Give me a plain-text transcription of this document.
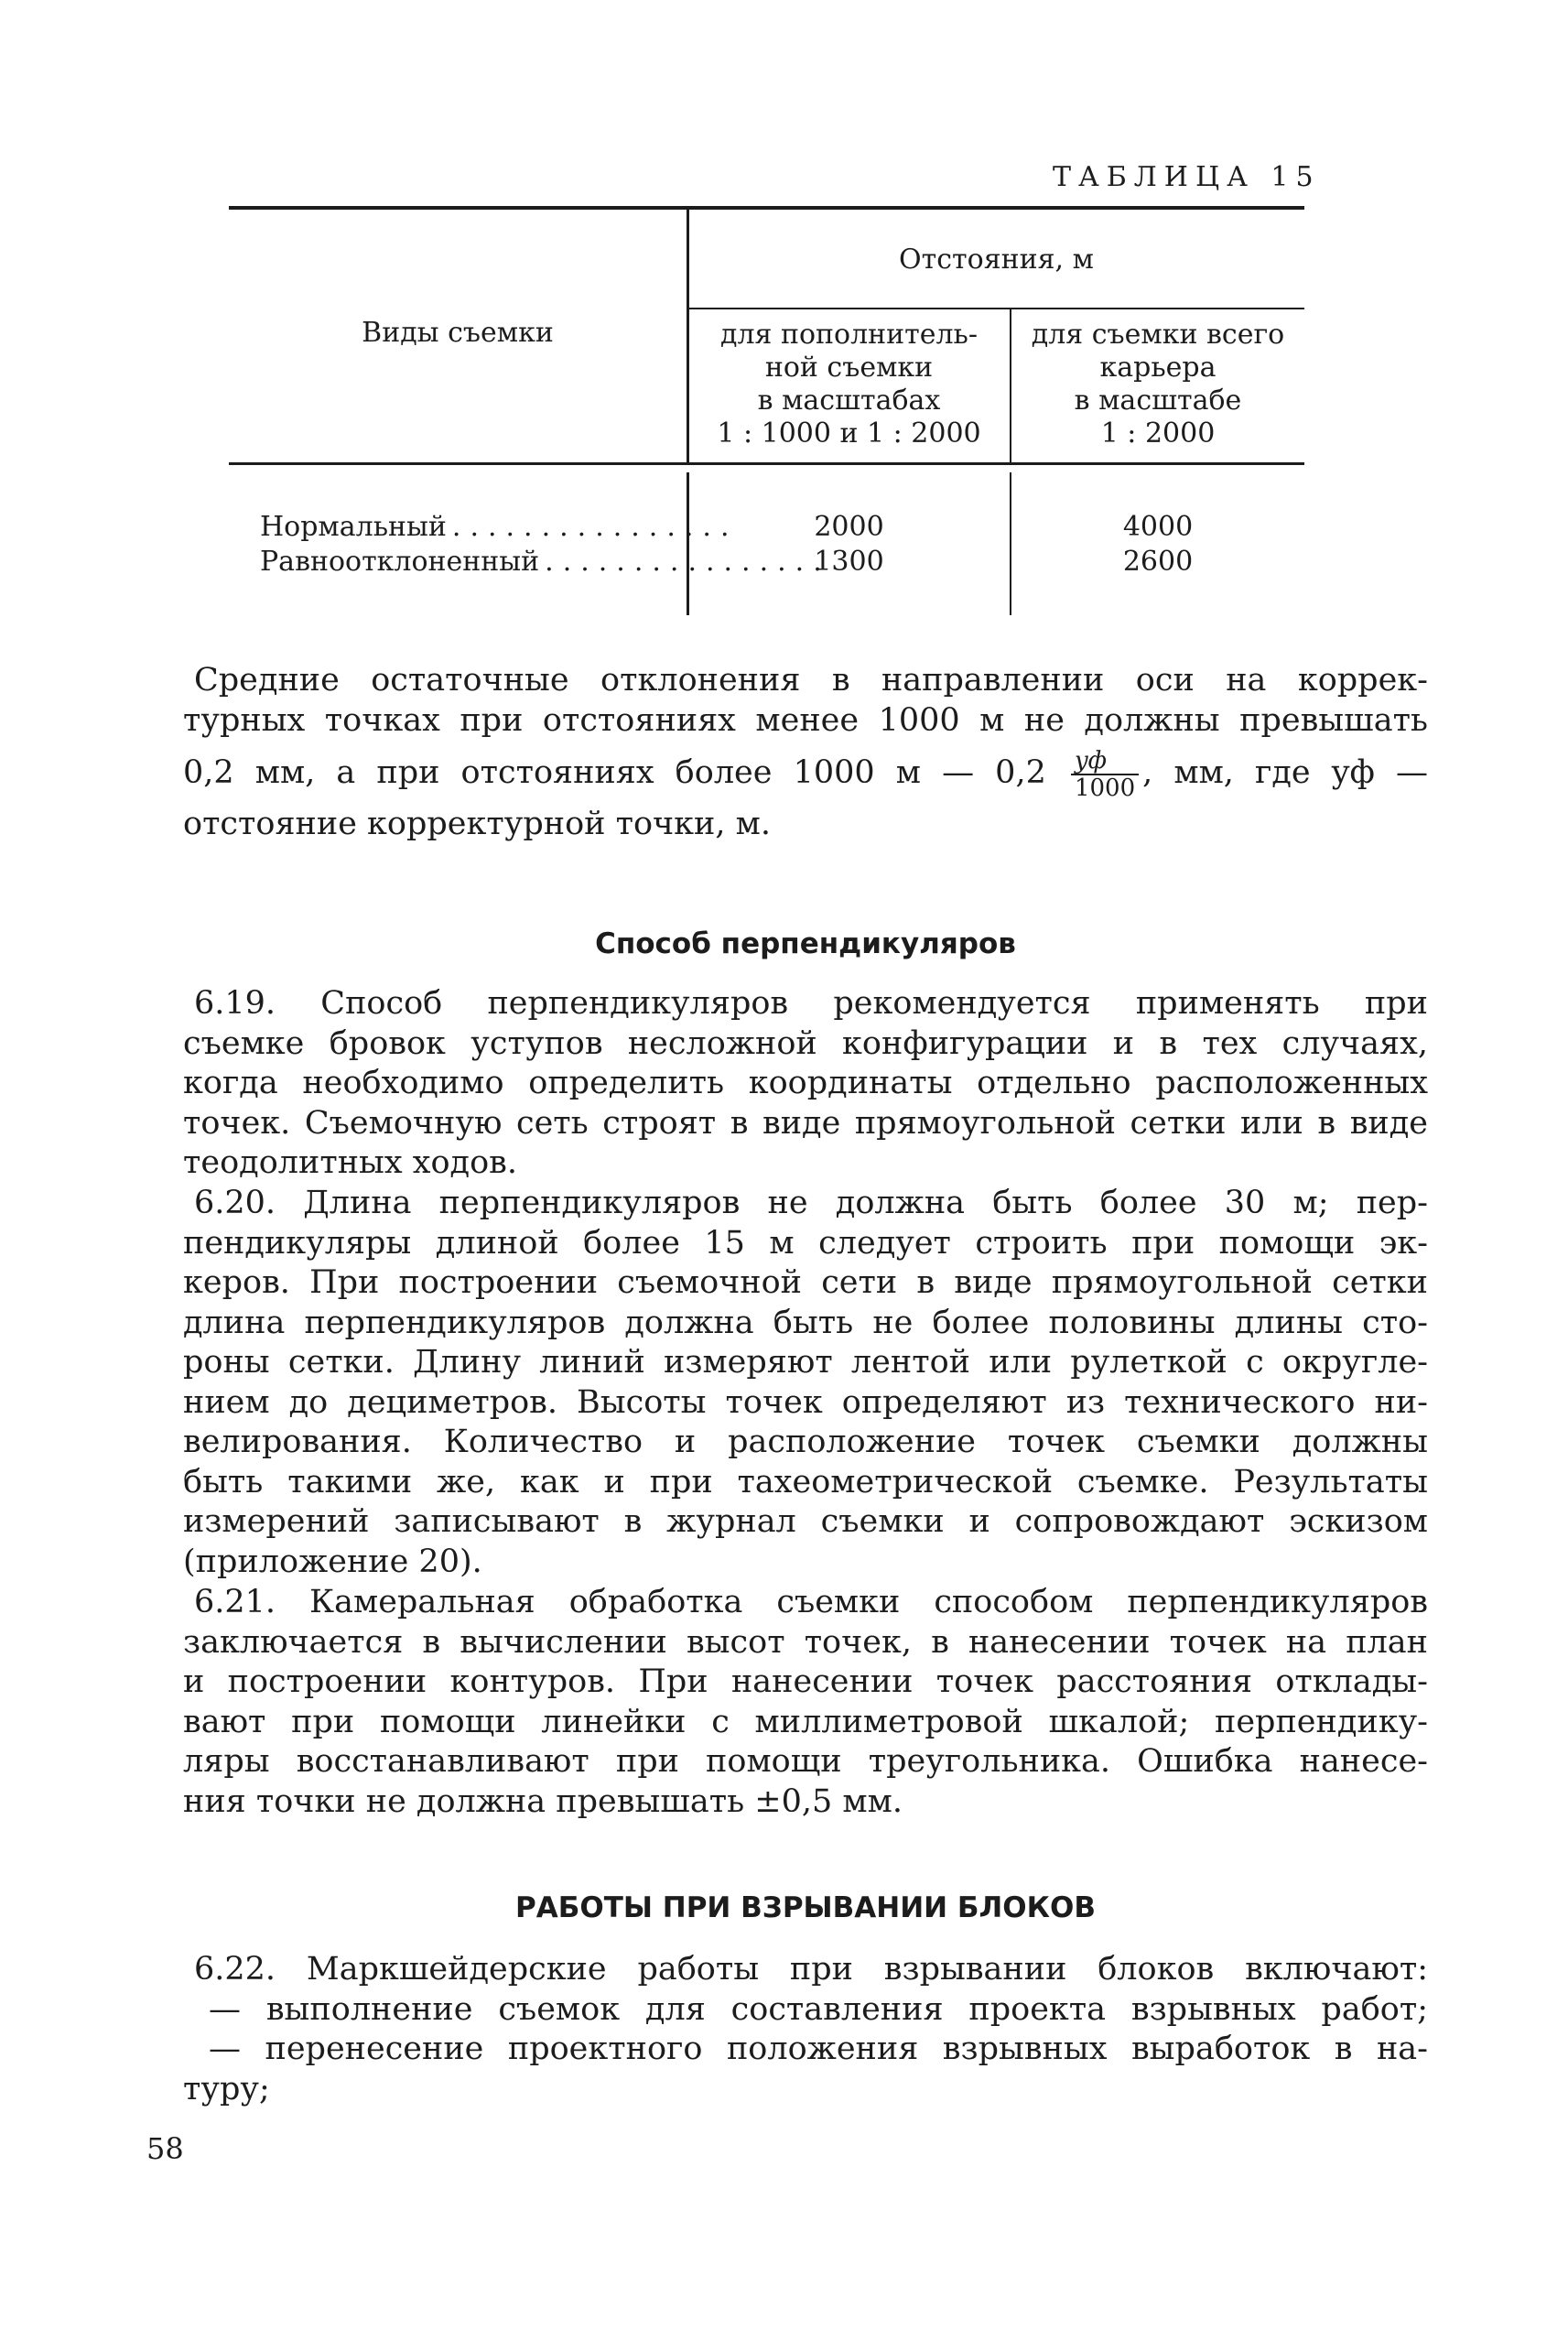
ТАБЛИЦА 15
Виды съемки
Отстояния, м
для пополнитель-
ной съемки
в масштабах
1 : 1000 и 1 : 2000
для съемки всего
карьера
в масштабе
1 : 2000
Нормальный ................
Равноотклоненный ................
2000
1300
4000
2600
Средние остаточные отклонения в направлении оси на коррек-
турных точках при отстояниях менее 1000 м не должны превышать
0,2 мм, а при отстояниях более 1000 м — 0,2 yф
1000 , мм, где yф —
отстояние корректурной точки, м.
Способ перпендикуляров
6.19. Способ перпендикуляров рекомендуется применять при
съемке бровок уступов несложной конфигурации и в тех случаях,
когда необходимо определить координаты отдельно расположенных
точек. Съемочную сеть строят в виде прямоугольной сетки или в виде
теодолитных ходов.
6.20. Длина перпендикуляров не должна быть более 30 м; пер-
пендикуляры длиной более 15 м следует строить при помощи эк-
керов. При построении съемочной сети в виде прямоугольной сетки
длина перпендикуляров должна быть не более половины длины сто-
роны сетки. Длину линий измеряют лентой или рулеткой с округле-
нием до дециметров. Высоты точек определяют из технического ни-
велирования. Количество и расположение точек съемки должны
быть такими же, как и при тахеометрической съемке. Результаты
измерений записывают в журнал съемки и сопровождают эскизом
(приложение 20).
6.21. Камеральная обработка съемки способом перпендикуляров
заключается в вычислении высот точек, в нанесении точек на план
и построении контуров. При нанесении точек расстояния отклады-
вают при помощи линейки с миллиметровой шкалой; перпендику-
ляры восстанавливают при помощи треугольника. Ошибка нанесе-
ния точки не должна превышать ±0,5 мм.
РАБОТЫ ПРИ ВЗРЫВАНИИ БЛОКОВ
6.22. Маркшейдерские работы при взрывании блоков включают:
— выполнение съемок для составления проекта взрывных работ;
— перенесение проектного положения взрывных выработок в на-
туру;
58
